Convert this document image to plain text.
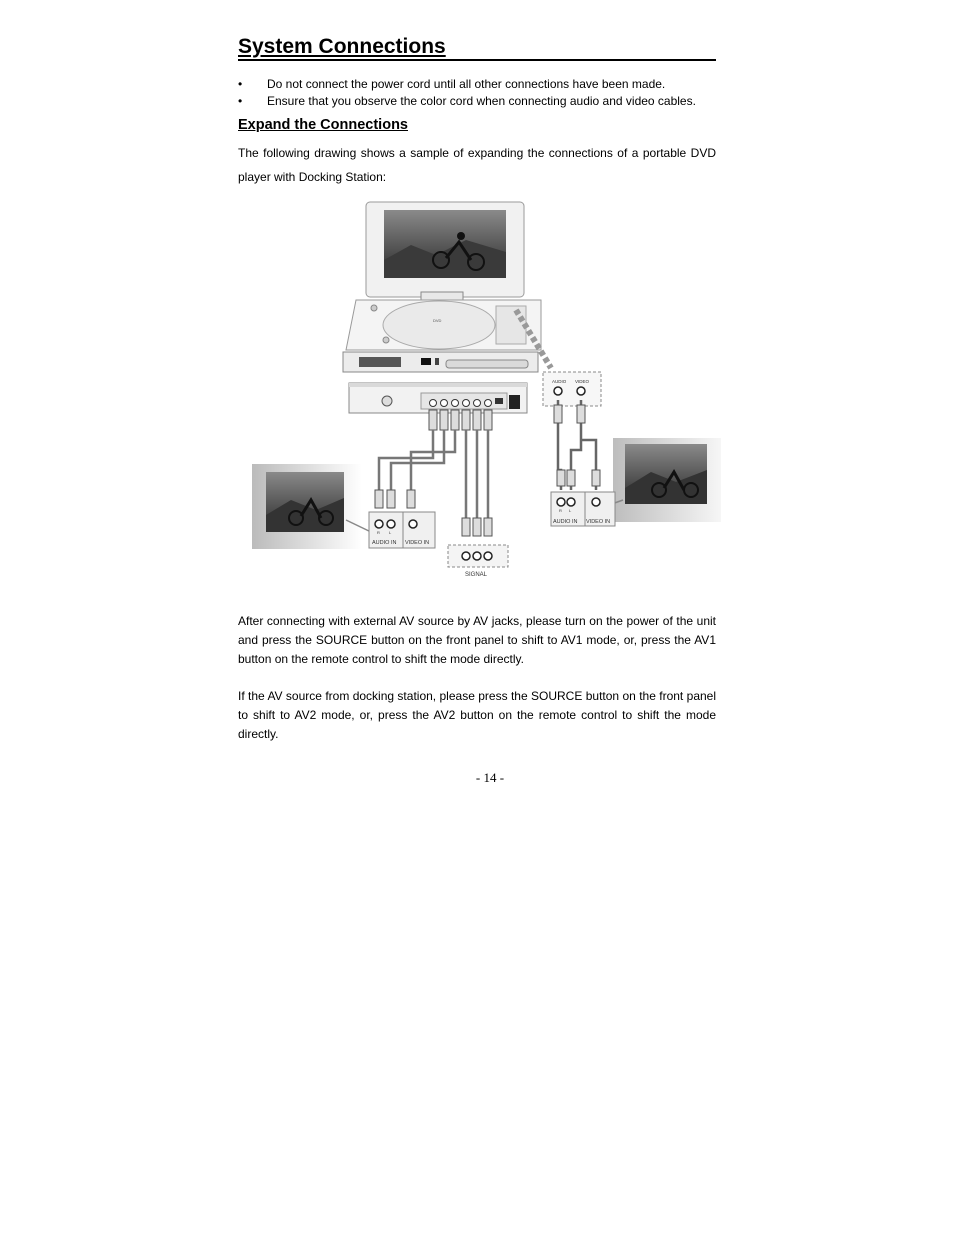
System Connections
•	Do not connect the power cord until all other connections have been made.
•	Ensure that you observe the color cord when connecting audio and video cables.
Expand the Connections

The following drawing shows a sample of expanding the connections of a portable DVD player with Docking Station:

After connecting with external AV source by AV jacks, please turn on the power of the unit and press the SOURCE button on the front panel to shift to AV1 mode, or, press the AV1 button on the remote control to shift the mode directly.

If the AV source from docking station, please press the SOURCE button on the front panel to shift to AV2 mode, or, press the AV2 button on the remote control to shift the mode directly.

- 14 -
DVD
AUDIO VIDEO
R L
AUDIO IN VIDEO IN
SIGNAL
R L
AUDIO IN VIDEO IN
